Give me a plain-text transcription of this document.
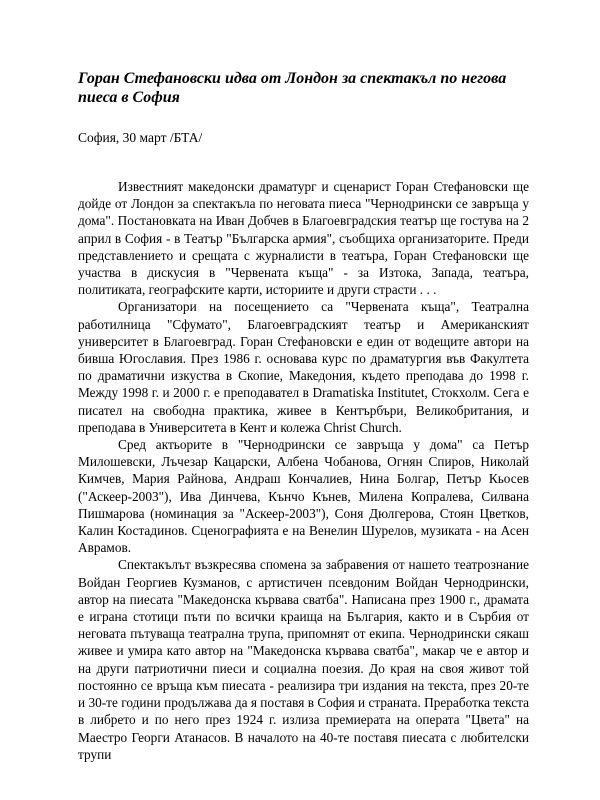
Горан Стефановски идва от Лондон за спектакъл по негова пиеса в София

София, 30 март /БТА/

Известният македонски драматург и сценарист Горан Стефановски ще дойде от Лондон за спектакъла по неговата пиеса "Чернодрински се завръща у дома". Постановката на Иван Добчев в Благоевградския театър ще гостува на 2 април в София - в Театър "Българска армия", съобщиха организаторите. Преди представлението и срещата с журналисти в театъра, Горан Стефановски ще участва в дискусия в "Червената къща" - за Изтока, Запада, театъра, политиката, географските карти, историите и други страсти . . .

Организатори на посещението са "Червената къща", Театрална работилница "Сфумато", Благоевградският театър и Американският университет в Благоевград. Горан Стефановски е един от водещите автори на бивша Югославия. През 1986 г. основава курс по драматургия във Факултета по драматични изкуства в Скопие, Македония, където преподава до 1998 г. Между 1998 г. и 2000 г. е преподавател в Dramatiska Institutet, Стокхолм. Сега е писател на свободна практика, живее в Кентърбъри, Великобритания, и преподава в Университета в Кент и колежа Christ Church.

Сред актьорите в "Чернодрински се завръща у дома" са Петър Милошевски, Лъчезар Кацарски, Албена Чобанова, Огнян Спиров, Николай Кимчев, Мария Райнова, Андраш Кончалиев, Нина Болгар, Петър Кьосев ("Аскеер-2003"), Ива Динчева, Кънчо Кънев, Милена Копралева, Силвана Пишмарова (номинация за "Аскеер-2003"), Соня Дюлгерова, Стоян Цветков, Калин Костадинов. Сценографията е на Венелин Шурелов, музиката - на Асен Аврамов.

Спектакълът възкресява спомена за забравения от нашето театрознание Войдан Георгиев Кузманов, с артистичен псевдоним Войдан Чернодрински, автор на пиесата "Македонска кървава сватба". Написана през 1900 г., драмата е играна стотици пъти по всички краища на България, както и в Сърбия от неговата пътуваща театрална трупа, припомнят от екипа. Чернодрински сякаш живее и умира като автор на "Македонска кървава сватба", макар че е автор и на други патриотични пиеси и социална поезия. До края на своя живот той постоянно се връща към пиесата - реализира три издания на текста, през 20-те и 30-те години продължава да я поставя в София и страната. Преработка текста в либрето и по него през 1924 г. излиза премиерата на операта "Цвета" на Маестро Георги Атанасов. В началото на 40-те поставя пиесата с любителски трупи
